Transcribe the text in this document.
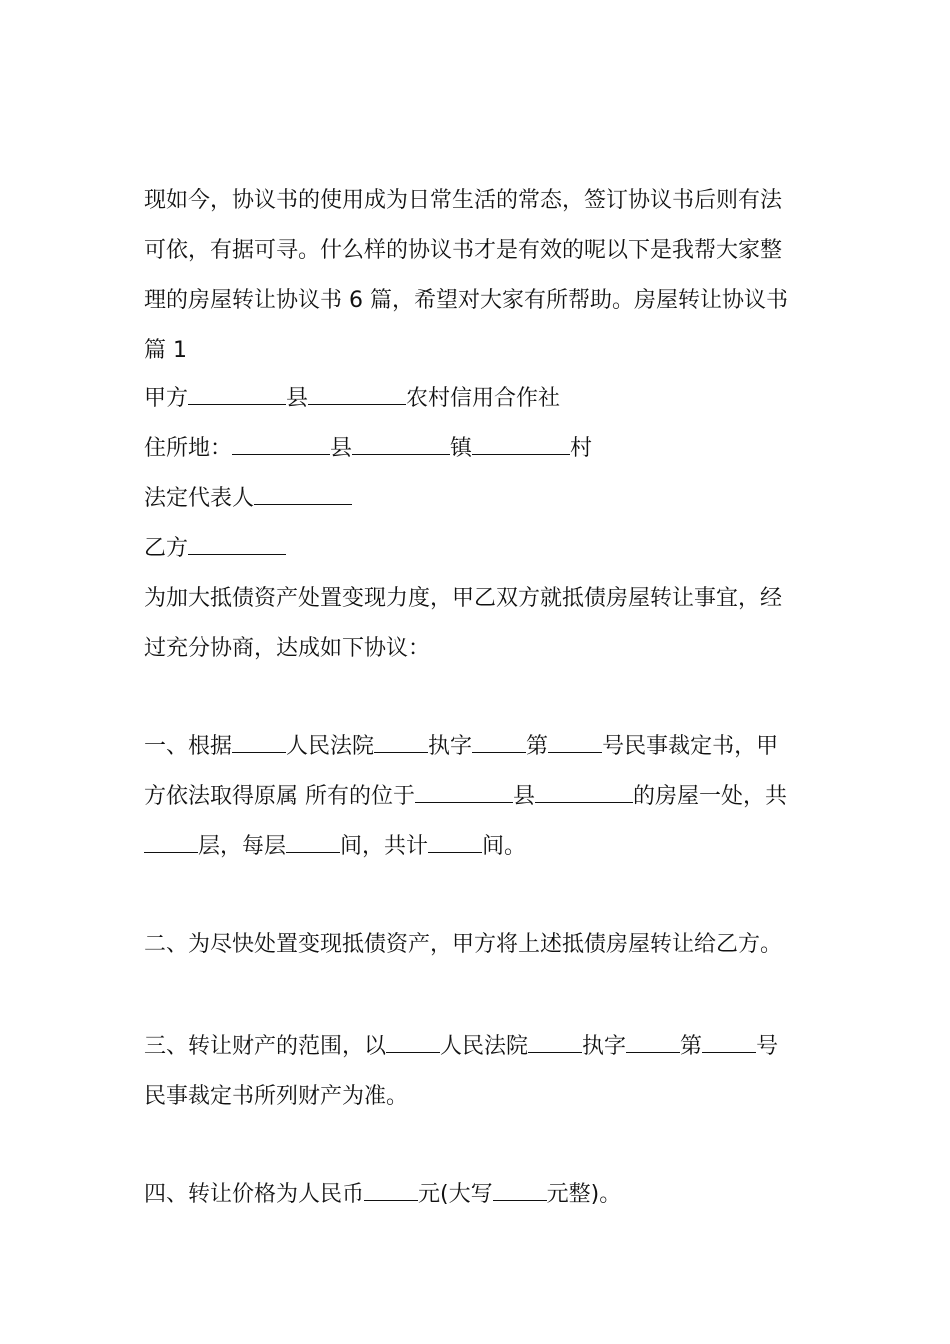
现如今，协议书的使用成为日常生活的常态，签订协议书后则有法
可依，有据可寻。什么样的协议书才是有效的呢以下是我帮大家整
理的房屋转让协议书 6 篇，希望对大家有所帮助。房屋转让协议书
篇 1
甲方	县	农村信用合作社
住所地：	县	镇	村
法定代表人
乙方
为加大抵债资产处置变现力度，甲乙双方就抵债房屋转让事宜，经
过充分协商，达成如下协议：
一、根据 人民法院 执字 第 号民事裁定书，甲
方依法取得原属 所有的位于	县	的房屋一处，共
层，每层 间，共计 间。
二、为尽快处置变现抵债资产，甲方将上述抵债房屋转让给乙方。
三、转让财产的范围，以 人民法院 执字 第 号
民事裁定书所列财产为准。
四、转让价格为人民币 元(大写 元整)。
